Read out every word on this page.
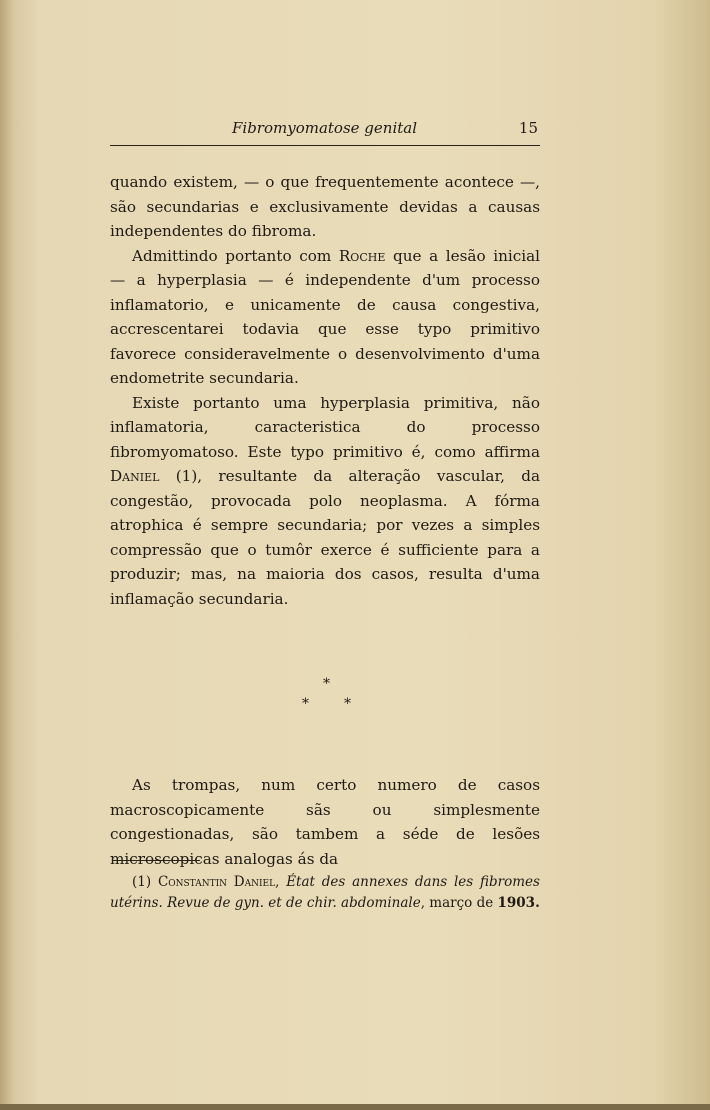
Fibromyomatose genital	15

quando existem, — o que frequentemente acontece —, são secundarias e exclusivamente devidas a causas independentes do fibroma.

Admittindo portanto com Roche que a lesão inicial — a hyperplasia — é independente d'um processo inflamatorio, e unicamente de causa congestiva, accrescentarei todavia que esse typo primitivo favorece consideravelmente o desenvolvimento d'uma endometrite secundaria.

Existe portanto uma hyperplasia primitiva, não inflamatoria, caracteristica do processo fibromyomatoso. Este typo primitivo é, como affirma Daniel (1), resultante da alteração vascular, da congestão, provocada polo neoplasma. A fórma atrophica é sempre secundaria; por vezes a simples compressão que o tumôr exerce é sufficiente para a produzir; mas, na maioria dos casos, resulta d'uma inflamação secundaria.

*
*	*

As trompas, num certo numero de casos macroscopicamente sãs ou simplesmente congestionadas, são tambem a séde de lesões microscopicas analogas ás da

(1) Constantin Daniel, État des annexes dans les fibromes utérins. Revue de gyn. et de chir. abdominale, março de 1903.
